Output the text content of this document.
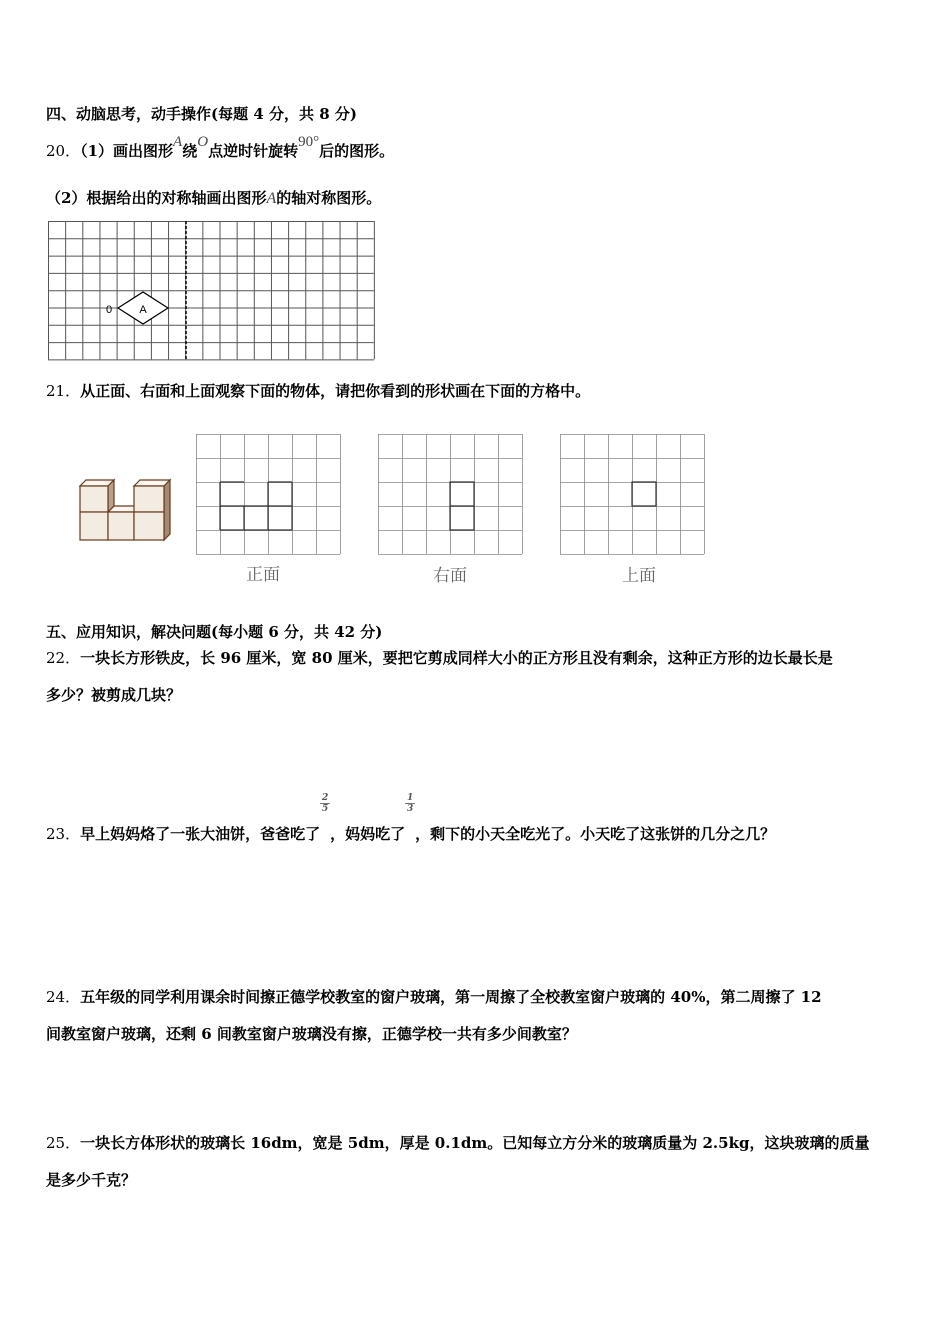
四、动脑思考，动手操作(每题 4 分，共 8 分)
20．（1）画出图形A绕O点逆时针旋转90°后的图形。
（2）根据给出的对称轴画出图形A的轴对称图形。
A
0
21．从正面、右面和上面观察下面的物体，请把你看到的形状画在下面的方格中。
正面	右面	上面
五、应用知识，解决问题(每小题 6 分，共 42 分)
22．一块长方形铁皮，长 96 厘米，宽 80 厘米，要把它剪成同样大小的正方形且没有剩余，这种正方形的边长最长是
多少？被剪成几块？
23．早上妈妈烙了一张大油饼，爸爸吃了$\frac{2}{5}$
，妈妈吃了$\frac{1}{3}$
，剩下的小天全吃光了。小天吃了这张饼的几分之几？
24．五年级的同学利用课余时间擦正德学校教室的窗户玻璃，第一周擦了全校教室窗户玻璃的 40%，第二周擦了 12
间教室窗户玻璃，还剩 6 间教室窗户玻璃没有擦，正德学校一共有多少间教室？
25．一块长方体形状的玻璃长 16dm，宽是 5dm，厚是 0.1dm。已知每立方分米的玻璃质量为 2.5kg，这块玻璃的质量
是多少千克？
